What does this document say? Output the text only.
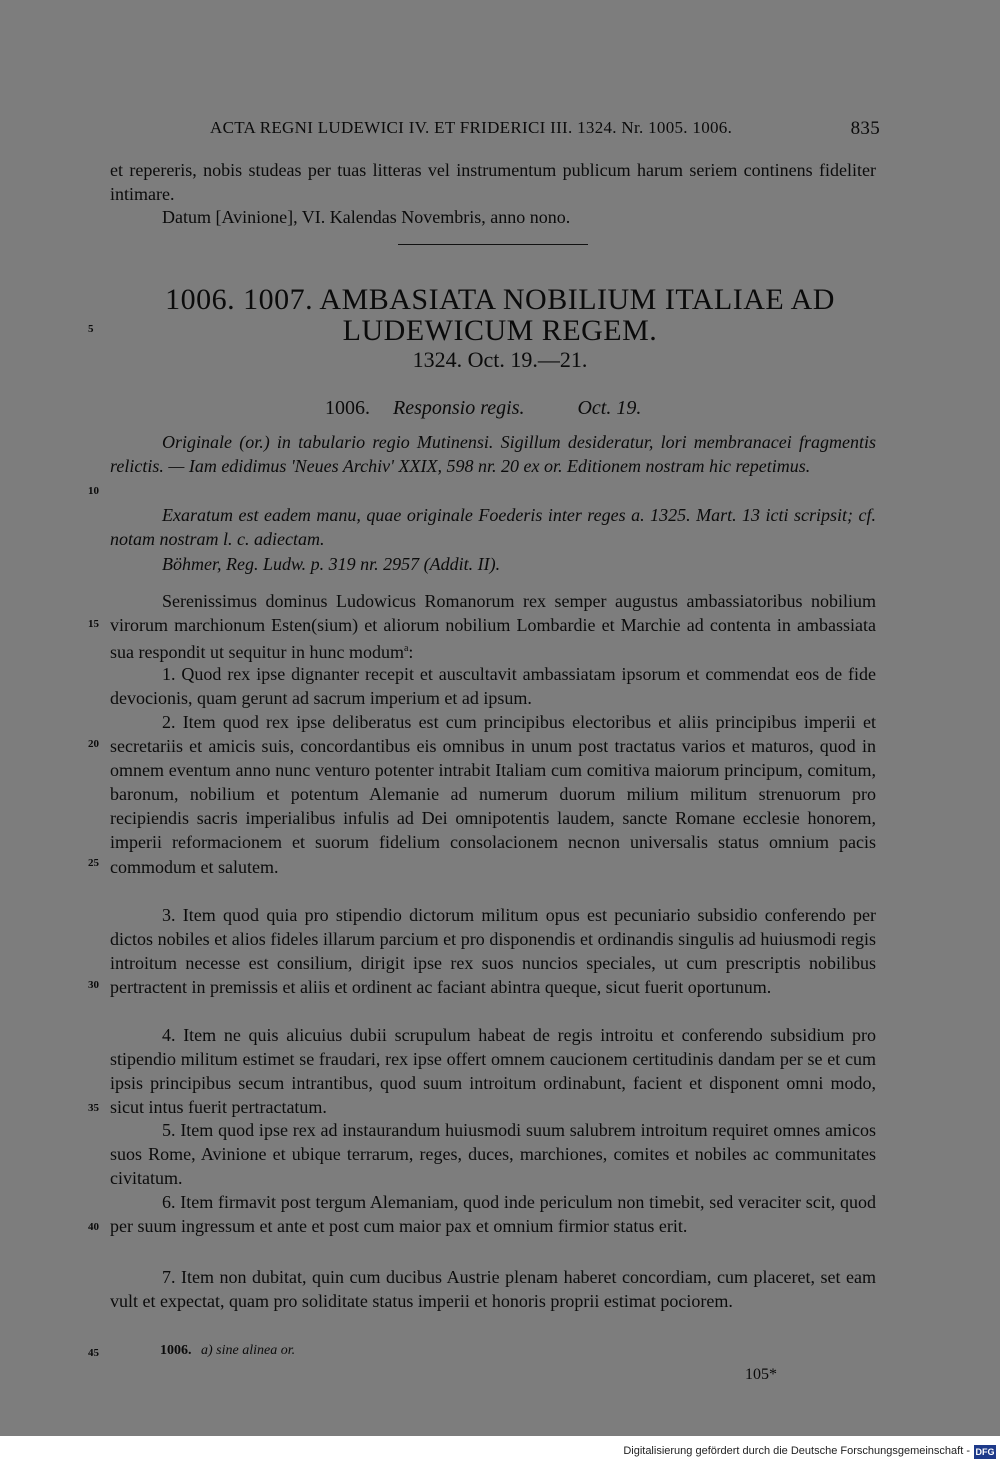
ACTA REGNI LUDEWICI IV. ET FRIDERICI III. 1324. Nr. 1005. 1006.	835
et repereris, nobis studeas per tuas litteras vel instrumentum publicum harum seriem continens fideliter intimare.
Datum [Avinione], VI. Kalendas Novembris, anno nono.
1006. 1007. AMBASIATA NOBILIUM ITALIAE AD
LUDEWICUM REGEM.
1324. Oct. 19.—21.
1006. Responsio regis.	Oct. 19.
Originale (or.) in tabulario regio Mutinensi. Sigillum desideratur, lori membranacei fragmentis relictis. — Iam edidimus 'Neues Archiv' XXIX, 598 nr. 20 ex or. Editionem nostram hic repetimus.
Exaratum est eadem manu, quae originale Foederis inter reges a. 1325. Mart. 13 icti scripsit; cf. notam nostram l. c. adiectam.
Böhmer, Reg. Ludw. p. 319 nr. 2957 (Addit. II).
Serenissimus dominus Ludowicus Romanorum rex semper augustus ambassiatoribus nobilium virorum marchionum Esten(sium) et aliorum nobilium Lombardie et Marchie ad contenta in ambassiata sua respondit ut sequitur in hunc modum$^a$:
1. Quod rex ipse dignanter recepit et auscultavit ambassiatam ipsorum et commendat eos de fide devocionis, quam gerunt ad sacrum imperium et ad ipsum.
2. Item quod rex ipse deliberatus est cum principibus electoribus et aliis principibus imperii et secretariis et amicis suis, concordantibus eis omnibus in unum post tractatus varios et maturos, quod in omnem eventum anno nunc venturo potenter intrabit Italiam cum comitiva maiorum principum, comitum, baronum, nobilium et potentum Alemanie ad numerum duorum milium militum strenuorum pro recipiendis sacris imperialibus infulis ad Dei omnipotentis laudem, sancte Romane ecclesie honorem, imperii reformacionem et suorum fidelium consolacionem necnon universalis status omnium pacis commodum et salutem.
3. Item quod quia pro stipendio dictorum militum opus est pecuniario subsidio conferendo per dictos nobiles et alios fideles illarum parcium et pro disponendis et ordinandis singulis ad huiusmodi regis introitum necesse est consilium, dirigit ipse rex suos nuncios speciales, ut cum prescriptis nobilibus pertractent in premissis et aliis et ordinent ac faciant abintra queque, sicut fuerit oportunum.
4. Item ne quis alicuius dubii scrupulum habeat de regis introitu et conferendo subsidium pro stipendio militum estimet se fraudari, rex ipse offert omnem caucionem certitudinis dandam per se et cum ipsis principibus secum intrantibus, quod suum introitum ordinabunt, facient et disponent omni modo, sicut intus fuerit pertractatum.
5. Item quod ipse rex ad instaurandum huiusmodi suum salubrem introitum requiret omnes amicos suos Rome, Avinione et ubique terrarum, reges, duces, marchiones, comites et nobiles ac communitates civitatum.
6. Item firmavit post tergum Alemaniam, quod inde periculum non timebit, sed veraciter scit, quod per suum ingressum et ante et post cum maior pax et omnium firmior status erit.
7. Item non dubitat, quin cum ducibus Austrie plenam haberet concordiam, cum placeret, set eam vult et expectat, quam pro soliditate status imperii et honoris proprii estimat pociorem.
5
10
15
20
25
30
35
40
45	1006. a) sine alinea or.
105*
Digitalisierung gefördert durch die Deutsche Forschungsgemeinschaft - DFG
